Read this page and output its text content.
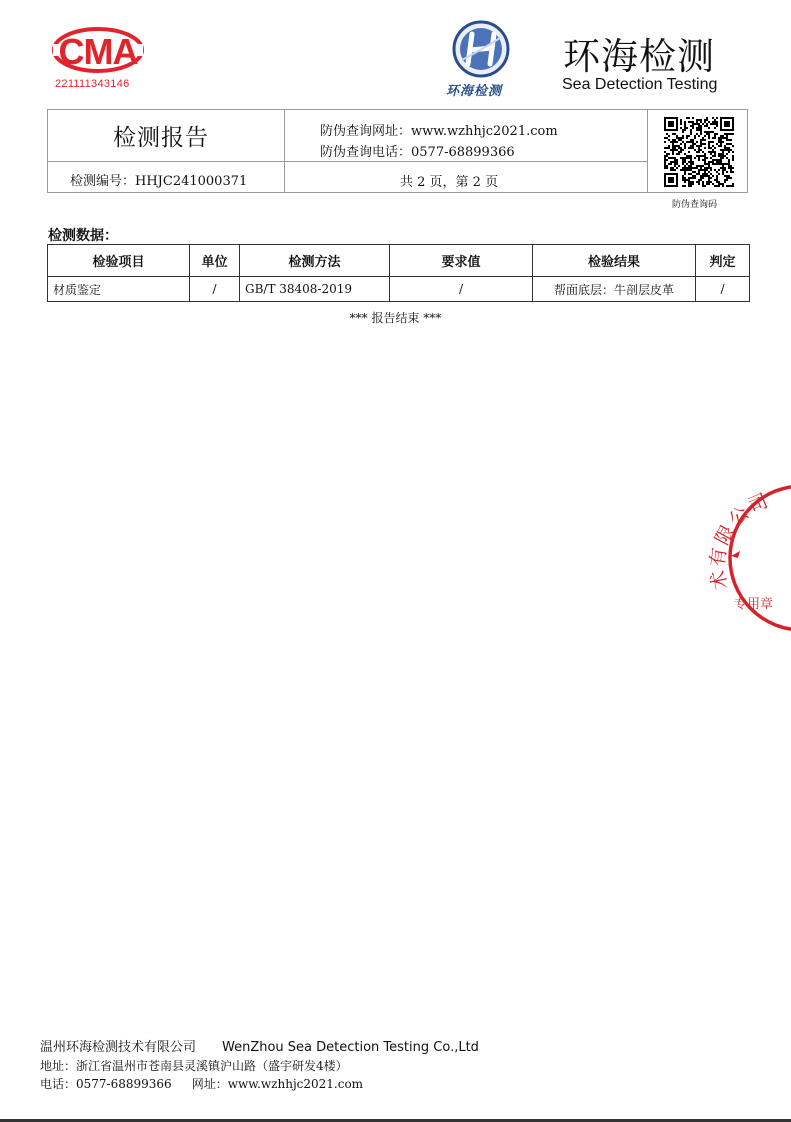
CMA
221111343146	环海检测
环海检测
Sea Detection Testing
检测报告	防伪查询网址：www.wzhhjc2021.com
防伪查询电话：0577-68899366
检测编号：HHJC241000371	共 2 页，第 2 页
防伪查询码
检测数据：
检验项目	单位	检测方法	要求值	检验结果	判定
材质鉴定	/	GB/T 38408-2019	/	帮面底层：牛剖层皮革	/
*** 报告结束 ***
术有限公司
专用章
温州环海检测技术有限公司　　WenZhou Sea Detection Testing Co.,Ltd
地址：浙江省温州市苍南县灵溪镇沪山路（盛宇研发4楼）
电话：0577-68899366 网址：www.wzhhjc2021.com
